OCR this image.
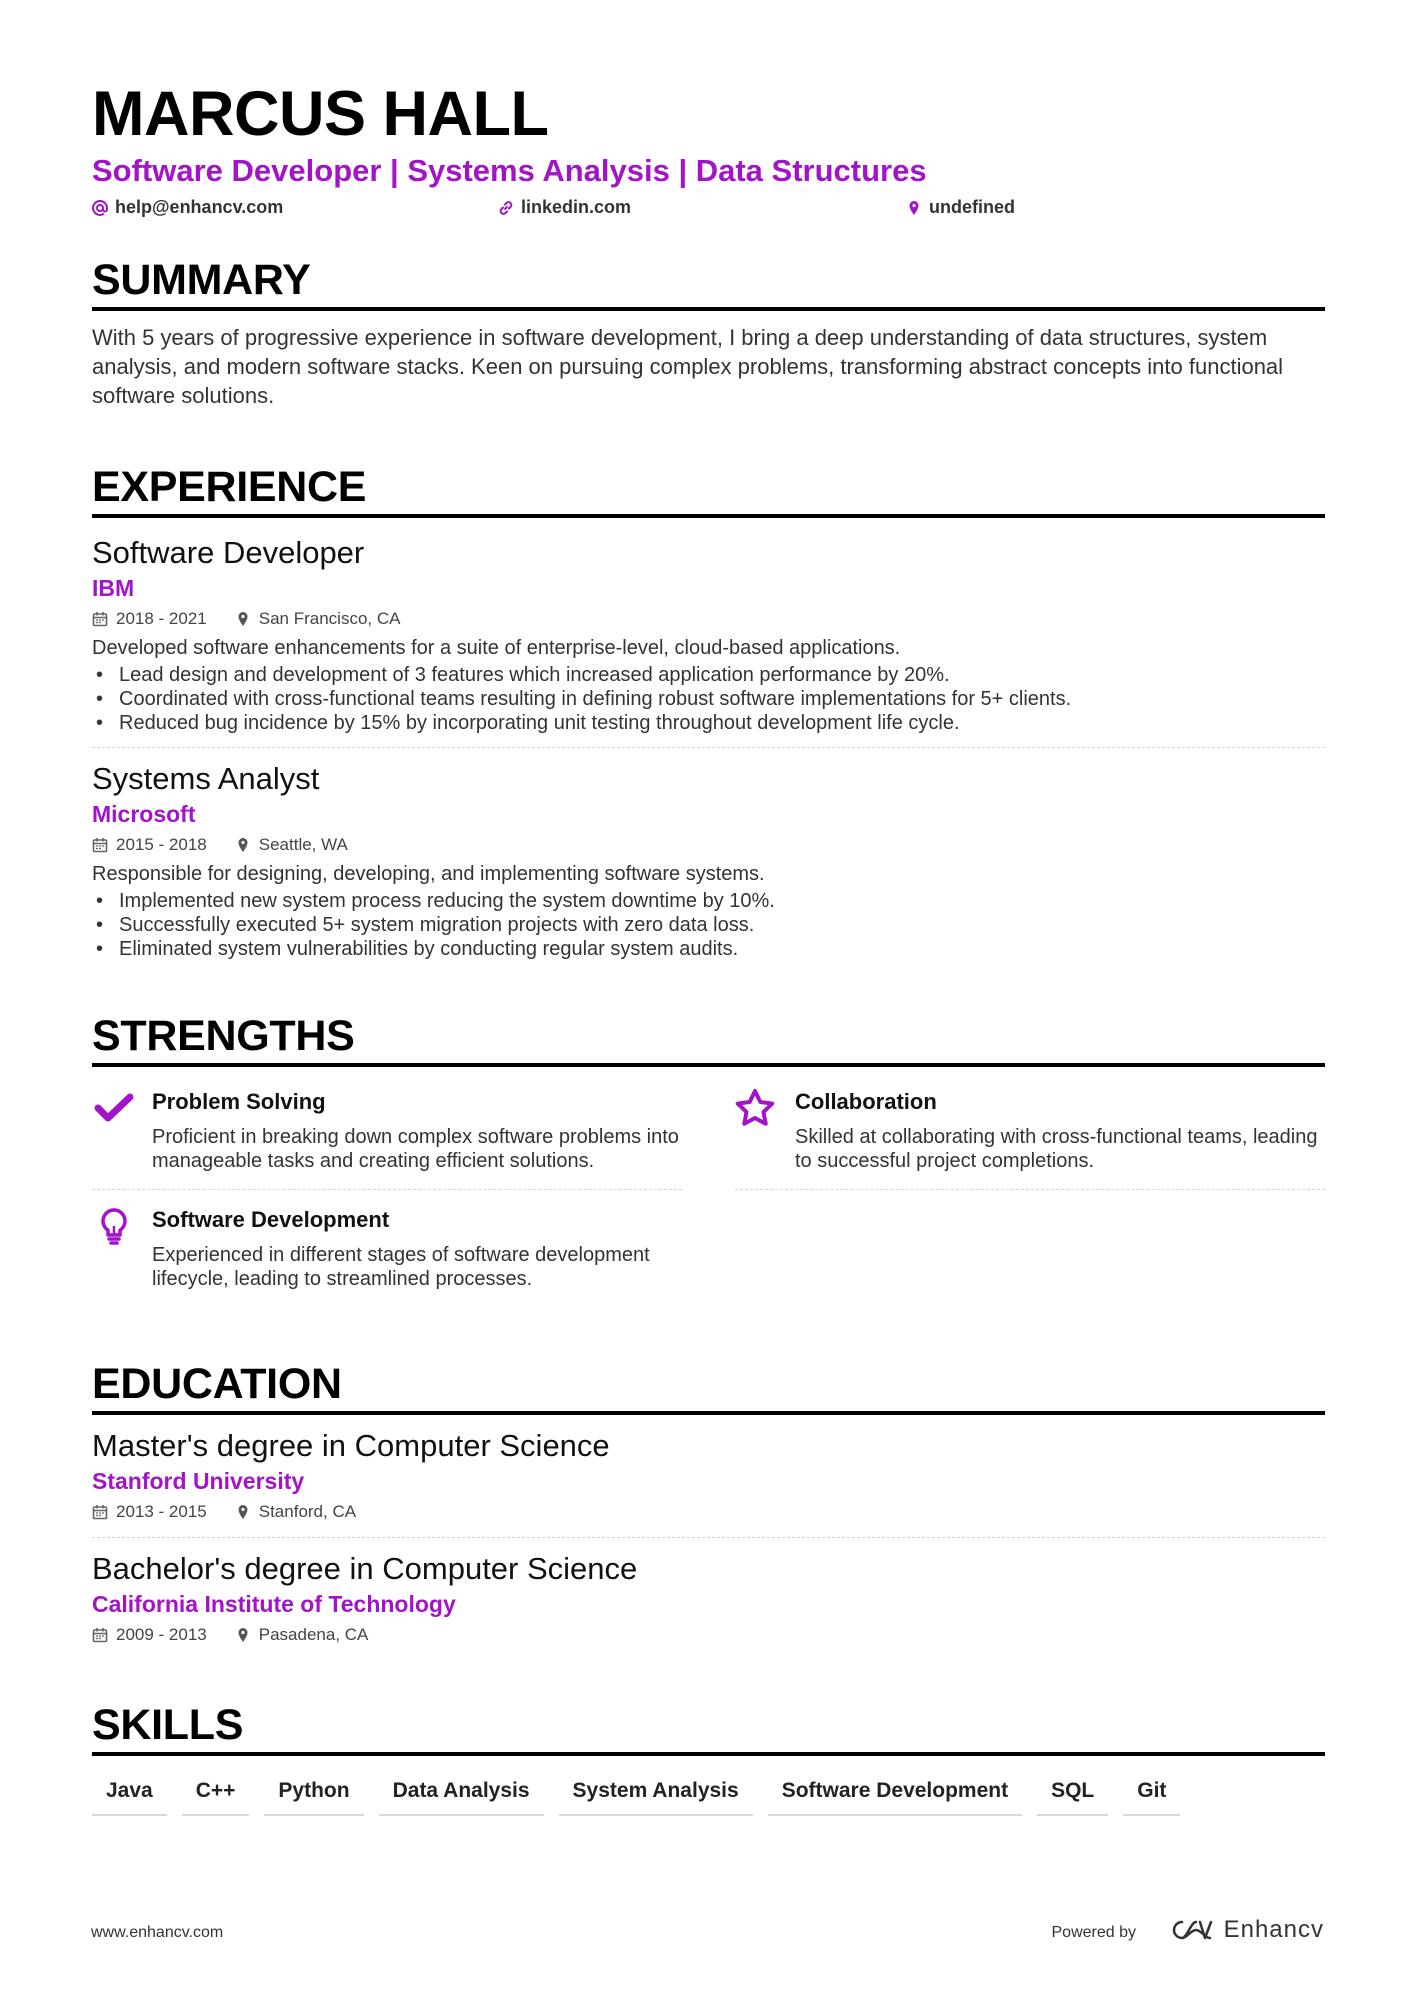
MARCUS HALL
Software Developer | Systems Analysis | Data Structures
help@enhancv.com	linkedin.com	undefined
SUMMARY
With 5 years of progressive experience in software development, I bring a deep understanding of data structures, system analysis, and modern software stacks. Keen on pursuing complex problems, transforming abstract concepts into functional software solutions.
EXPERIENCE
Software Developer
IBM
2018 - 2021	San Francisco, CA
Developed software enhancements for a suite of enterprise-level, cloud-based applications.
• Lead design and development of 3 features which increased application performance by 20%.
• Coordinated with cross-functional teams resulting in defining robust software implementations for 5+ clients.
• Reduced bug incidence by 15% by incorporating unit testing throughout development life cycle.
Systems Analyst
Microsoft
2015 - 2018	Seattle, WA
Responsible for designing, developing, and implementing software systems.
• Implemented new system process reducing the system downtime by 10%.
• Successfully executed 5+ system migration projects with zero data loss.
• Eliminated system vulnerabilities by conducting regular system audits.
STRENGTHS
Problem Solving
Proficient in breaking down complex software problems into manageable tasks and creating efficient solutions.
Collaboration
Skilled at collaborating with cross-functional teams, leading to successful project completions.
Software Development
Experienced in different stages of software development lifecycle, leading to streamlined processes.
EDUCATION
Master's degree in Computer Science
Stanford University
2013 - 2015	Stanford, CA
Bachelor's degree in Computer Science
California Institute of Technology
2009 - 2013	Pasadena, CA
SKILLS
Java	C++	Python	Data Analysis	System Analysis	Software Development	SQL	Git
www.enhancv.com	Powered by	Enhancv
